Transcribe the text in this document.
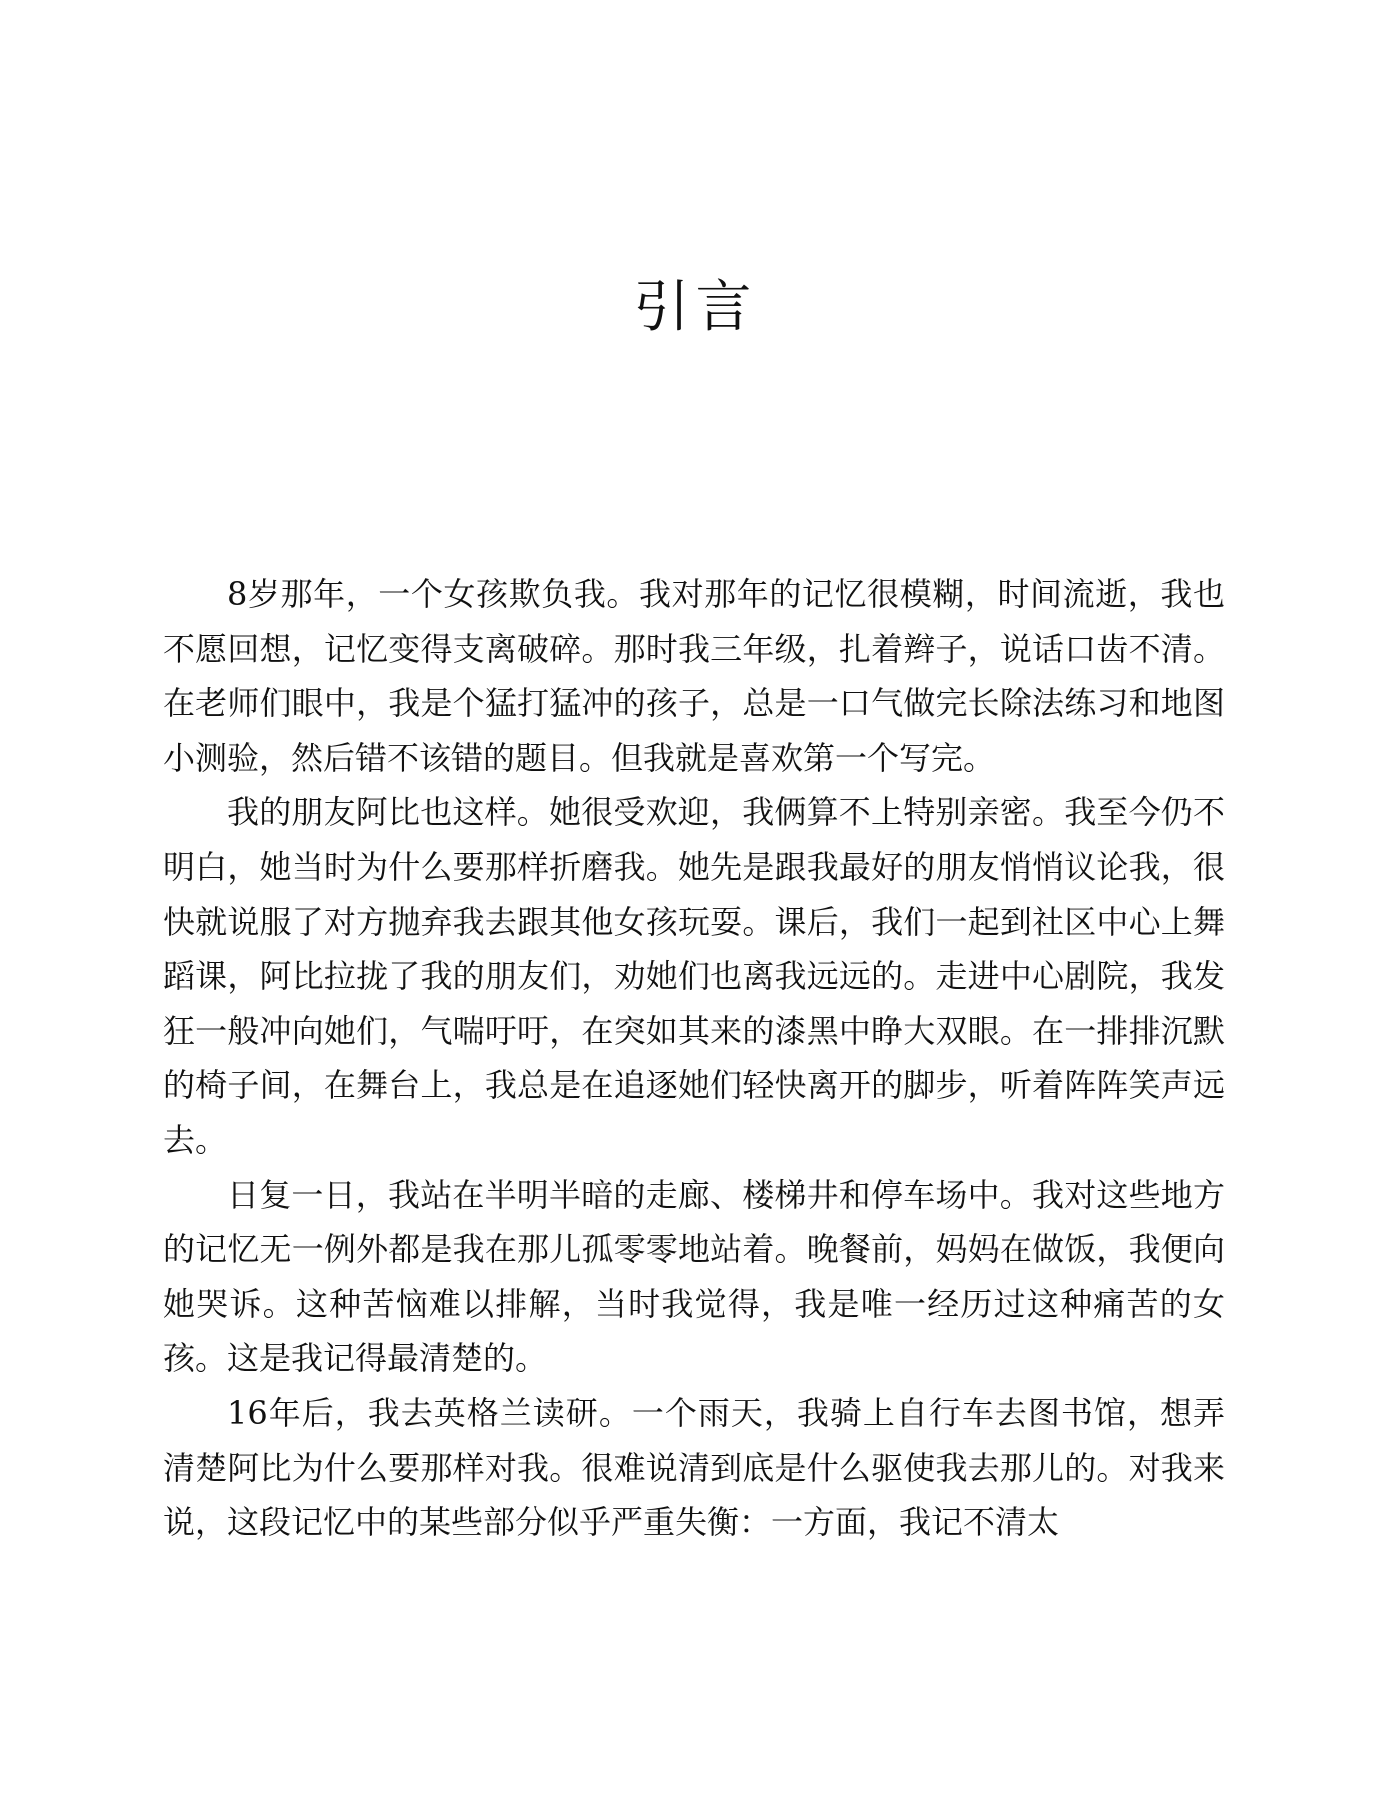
引言

8岁那年，一个女孩欺负我。我对那年的记忆很模糊，时间流逝，我也不愿回想，记忆变得支离破碎。那时我三年级，扎着辫子，说话口齿不清。在老师们眼中，我是个猛打猛冲的孩子，总是一口气做完长除法练习和地图小测验，然后错不该错的题目。但我就是喜欢第一个写完。

我的朋友阿比也这样。她很受欢迎，我俩算不上特别亲密。我至今仍不明白，她当时为什么要那样折磨我。她先是跟我最好的朋友悄悄议论我，很快就说服了对方抛弃我去跟其他女孩玩耍。课后，我们一起到社区中心上舞蹈课，阿比拉拢了我的朋友们，劝她们也离我远远的。走进中心剧院，我发狂一般冲向她们，气喘吁吁，在突如其来的漆黑中睁大双眼。在一排排沉默的椅子间，在舞台上，我总是在追逐她们轻快离开的脚步，听着阵阵笑声远去。

日复一日，我站在半明半暗的走廊、楼梯井和停车场中。我对这些地方的记忆无一例外都是我在那儿孤零零地站着。晚餐前，妈妈在做饭，我便向她哭诉。这种苦恼难以排解，当时我觉得，我是唯一经历过这种痛苦的女孩。这是我记得最清楚的。

16年后，我去英格兰读研。一个雨天，我骑上自行车去图书馆，想弄清楚阿比为什么要那样对我。很难说清到底是什么驱使我去那儿的。对我来说，这段记忆中的某些部分似乎严重失衡：一方面，我记不清太
